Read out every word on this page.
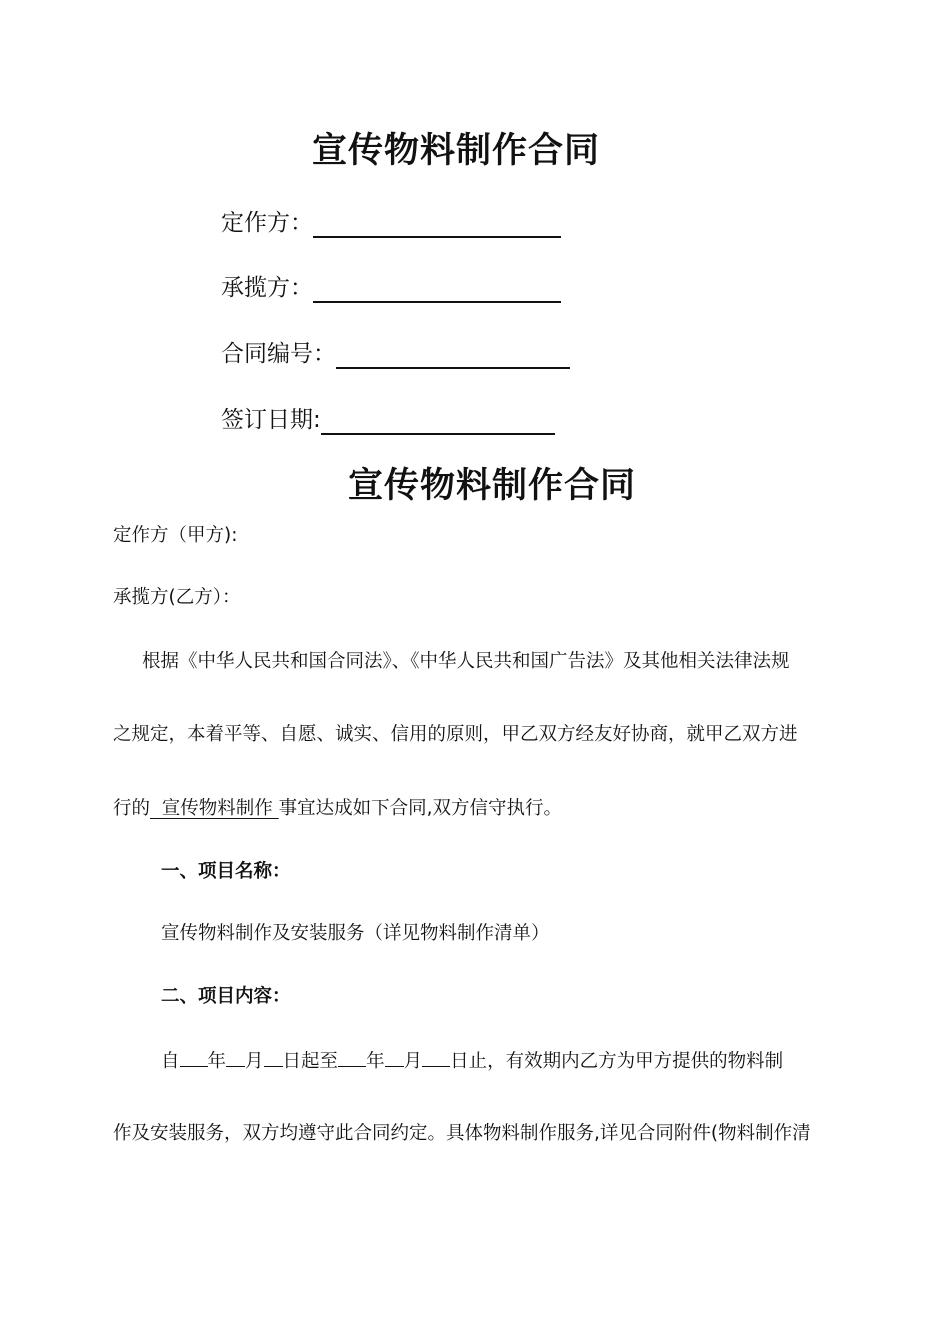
宣传物料制作合同
定作方：
承揽方：
合同编号：
签订日期:
宣传物料制作合同
定作方（甲方):
承揽方(乙方）：
根据《中华人民共和国合同法》、《中华人民共和国广告法》及其他相关法律法规
之规定，本着平等、自愿、诚实、信用的原则，甲乙双方经友好协商，就甲乙双方进
行的  宣传物料制作 事宜达成如下合同,双方信守执行。
一、项目名称：
宣传物料制作及安装服务（详见物料制作清单）
二、项目内容：
自 年 月 日起至 年 月 日止，有效期内乙方为甲方提供的物料制
作及安装服务，双方均遵守此合同约定。具体物料制作服务,详见合同附件(物料制作清
